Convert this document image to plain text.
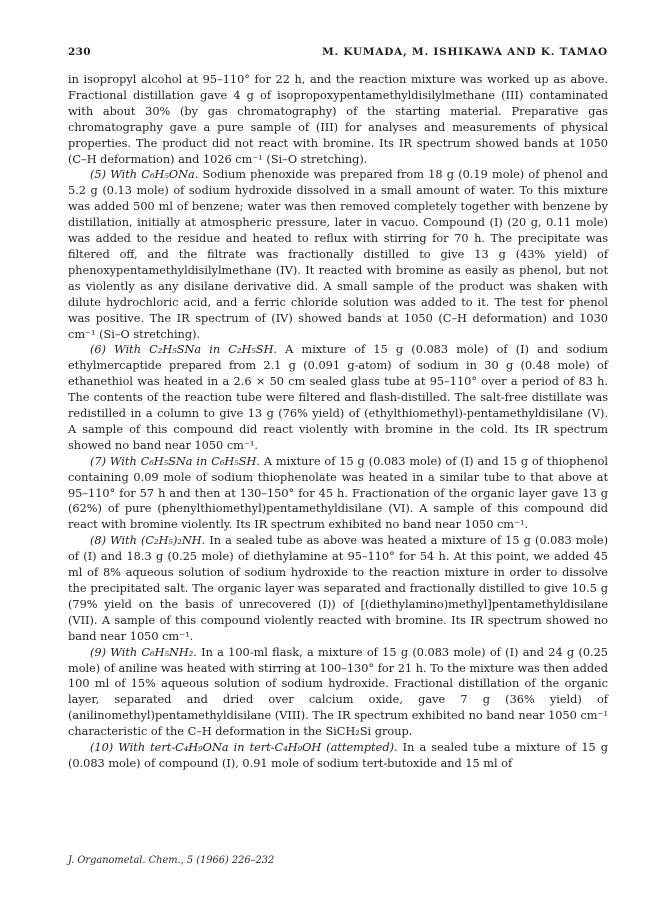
230	M. KUMADA, M. ISHIKAWA AND K. TAMAO

in isopropyl alcohol at 95–110° for 22 h, and the reaction mixture was worked up as above. Fractional distillation gave 4 g of isopropoxypentamethyldisilylmethane (III) contaminated with about 30% (by gas chromatography) of the starting material. Preparative gas chromatography gave a pure sample of (III) for analyses and measurements of physical properties. The product did not react with bromine. Its IR spectrum showed bands at 1050 (C–H deformation) and 1026 cm⁻¹ (Si–O stretching).

(5) With C₆H₅ONa. Sodium phenoxide was prepared from 18 g (0.19 mole) of phenol and 5.2 g (0.13 mole) of sodium hydroxide dissolved in a small amount of water. To this mixture was added 500 ml of benzene; water was then removed completely together with benzene by distillation, initially at atmospheric pressure, later in vacuo. Compound (I) (20 g, 0.11 mole) was added to the residue and heated to reflux with stirring for 70 h. The precipitate was filtered off, and the filtrate was fractionally distilled to give 13 g (43% yield) of phenoxypentamethyldisilylmethane (IV). It reacted with bromine as easily as phenol, but not as violently as any disilane derivative did. A small sample of the product was shaken with dilute hydrochloric acid, and a ferric chloride solution was added to it. The test for phenol was positive. The IR spectrum of (IV) showed bands at 1050 (C–H deformation) and 1030 cm⁻¹ (Si–O stretching).

(6) With C₂H₅SNa in C₂H₅SH. A mixture of 15 g (0.083 mole) of (I) and sodium ethylmercaptide prepared from 2.1 g (0.091 g-atom) of sodium in 30 g (0.48 mole) of ethanethiol was heated in a 2.6 × 50 cm sealed glass tube at 95–110° over a period of 83 h. The contents of the reaction tube were filtered and flash-distilled. The salt-free distillate was redistilled in a column to give 13 g (76% yield) of (ethylthiomethyl)-pentamethyldisilane (V). A sample of this compound did react violently with bromine in the cold. Its IR spectrum showed no band near 1050 cm⁻¹.

(7) With C₆H₅SNa in C₆H₅SH. A mixture of 15 g (0.083 mole) of (I) and 15 g of thiophenol containing 0.09 mole of sodium thiophenolate was heated in a similar tube to that above at 95–110° for 57 h and then at 130–150° for 45 h. Fractionation of the organic layer gave 13 g (62%) of pure (phenylthiomethyl)pentamethyldisilane (VI). A sample of this compound did react with bromine violently. Its IR spectrum exhibited no band near 1050 cm⁻¹.

(8) With (C₂H₅)₂NH. In a sealed tube as above was heated a mixture of 15 g (0.083 mole) of (I) and 18.3 g (0.25 mole) of diethylamine at 95–110° for 54 h. At this point, we added 45 ml of 8% aqueous solution of sodium hydroxide to the reaction mixture in order to dissolve the precipitated salt. The organic layer was separated and fractionally distilled to give 10.5 g (79% yield on the basis of unrecovered (I)) of [(diethylamino)methyl]pentamethyldisilane (VII). A sample of this compound violently reacted with bromine. Its IR spectrum showed no band near 1050 cm⁻¹.

(9) With C₆H₅NH₂. In a 100-ml flask, a mixture of 15 g (0.083 mole) of (I) and 24 g (0.25 mole) of aniline was heated with stirring at 100–130° for 21 h. To the mixture was then added 100 ml of 15% aqueous solution of sodium hydroxide. Fractional distillation of the organic layer, separated and dried over calcium oxide, gave 7 g (36% yield) of (anilinomethyl)pentamethyldisilane (VIII). The IR spectrum exhibited no band near 1050 cm⁻¹ characteristic of the C–H deformation in the SiCH₂Si group.

(10) With tert-C₄H₉ONa in tert-C₄H₉OH (attempted). In a sealed tube a mixture of 15 g (0.083 mole) of compound (I), 0.91 mole of sodium tert-butoxide and 15 ml of

J. Organometal. Chem., 5 (1966) 226–232
